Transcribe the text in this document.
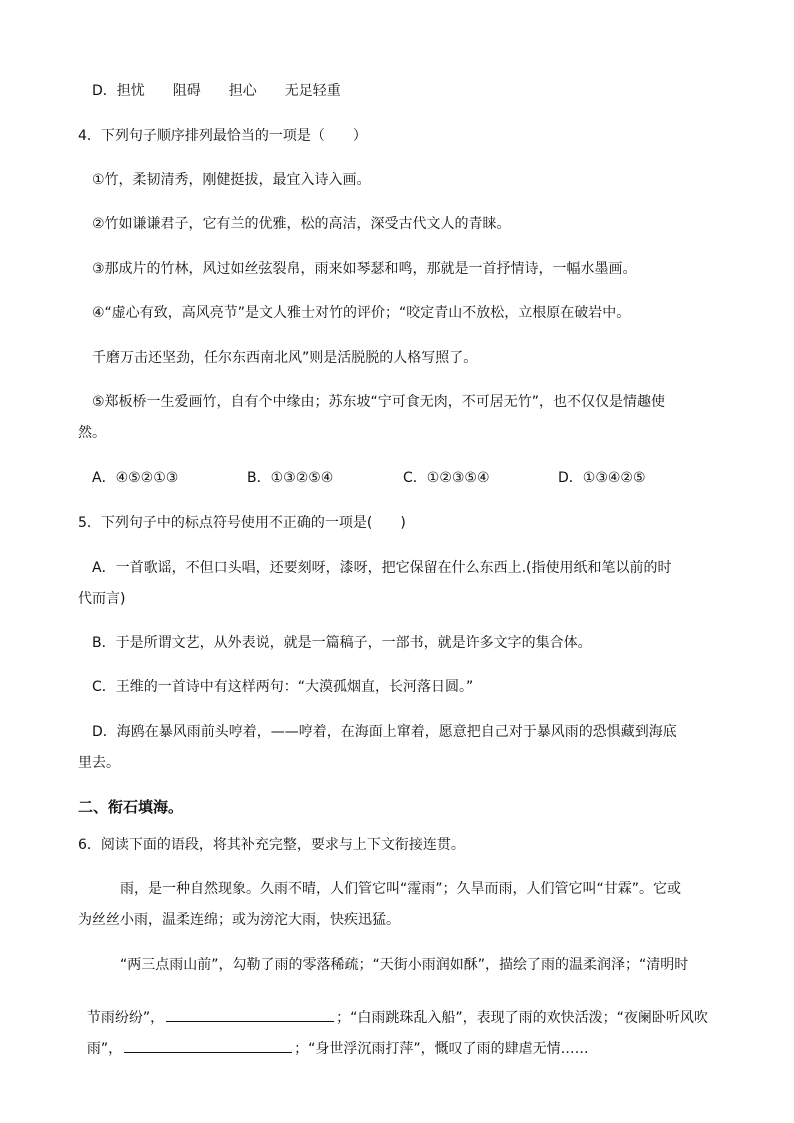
D．担忧　　阻碍　　担心　　无足轻重
4．下列句子顺序排列最恰当的一项是（　　）
①竹，柔韧清秀，刚健挺拔，最宜入诗入画。
②竹如谦谦君子，它有兰的优雅，松的高洁，深受古代文人的青睐。
③那成片的竹林，风过如丝弦裂帛，雨来如琴瑟和鸣，那就是一首抒情诗，一幅水墨画。
④“虚心有致，高风亮节”是文人雅士对竹的评价；“咬定青山不放松，立根原在破岩中。
千磨万击还坚劲，任尔东西南北风”则是活脱脱的人格写照了。
⑤郑板桥一生爱画竹，自有个中缘由；苏东坡“宁可食无肉，不可居无竹”，也不仅仅是情趣使
然。
A．④⑤②①③	B．①③②⑤④	C．①②③⑤④	D．①③④②⑤
5．下列句子中的标点符号使用不正确的一项是(　　)
A．一首歌谣，不但口头唱，还要刻呀，漆呀，把它保留在什么东西上.(指使用纸和笔以前的时
代而言)
B．于是所谓文艺，从外表说，就是一篇稿子，一部书，就是许多文字的集合体。
C．王维的一首诗中有这样两句：“大漠孤烟直，长河落日圆。”
D．海鸥在暴风雨前头哼着，——哼着，在海面上窜着，愿意把自己对于暴风雨的恐惧藏到海底
里去。
二、衔石填海。
6．阅读下面的语段，将其补充完整，要求与上下文衔接连贯。
雨，是一种自然现象。久雨不晴，人们管它叫“霪雨”；久旱而雨，人们管它叫“甘霖”。它或
为丝丝小雨，温柔连绵；或为滂沱大雨，快疾迅猛。
“两三点雨山前”，勾勒了雨的零落稀疏；“天街小雨润如酥”，描绘了雨的温柔润泽；“清明时

节雨纷纷”，	；“白雨跳珠乱入船”，表现了雨的欢快活泼；“夜阑卧听风吹

雨”，	；“身世浮沉雨打萍”，慨叹了雨的肆虐无情……
